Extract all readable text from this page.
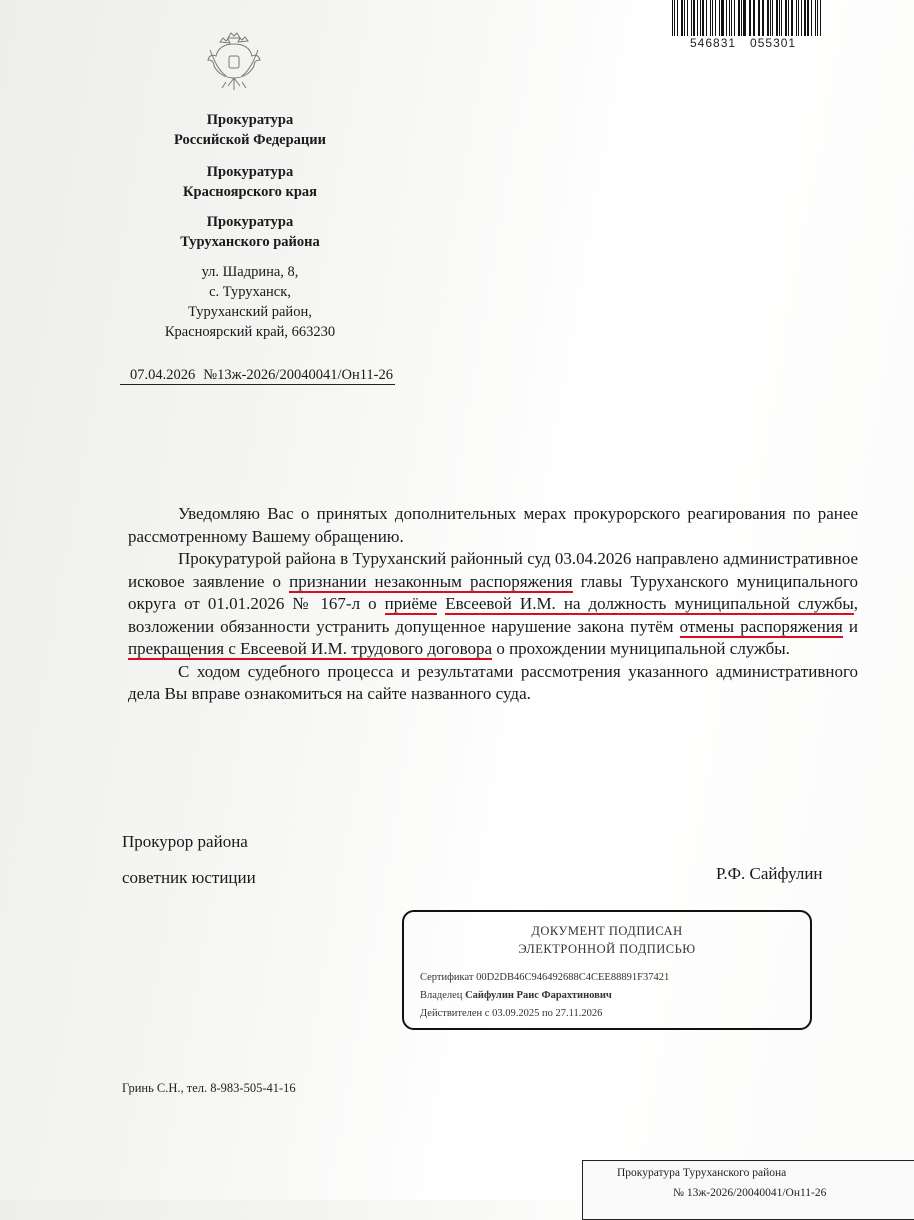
546831 055301
Прокуратура
Российской Федерации
Прокуратура
Красноярского края
Прокуратура
Туруханского района
ул. Шадрина, 8,
с. Туруханск,
Туруханский район,
Красноярский край, 663230
07.04.2026 №13ж-2026/20040041/Он11-26

Уведомляю Вас о принятых дополнительных мерах прокурорского реагирования по ранее рассмотренному Вашему обращению.

Прокуратурой района в Туруханский районный суд 03.04.2026 направлено административное исковое заявление о признании незаконным распоряжения главы Туруханского муниципального округа от 01.01.2026 № 167-л о приёме Евсеевой И.М. на должность муниципальной службы, возложении обязанности устранить допущенное нарушение закона путём отмены распоряжения и прекращения с Евсеевой И.М. трудового договора о прохождении муниципальной службы.

С ходом судебного процесса и результатами рассмотрения указанного административного дела Вы вправе ознакомиться на сайте названного суда.

Прокурор района
советник юстиции	Р.Ф. Сайфулин
ДОКУМЕНТ ПОДПИСАН
ЭЛЕКТРОННОЙ ПОДПИСЬЮ
Сертификат 00D2DB46C946492688C4CEE88891F37421
Владелец Сайфулин Раис Фарахтинович
Действителен с 03.09.2025 по 27.11.2026
Гринь С.Н., тел. 8-983-505-41-16
Прокуратура Туруханского района
№ 13ж-2026/20040041/Он11-26
